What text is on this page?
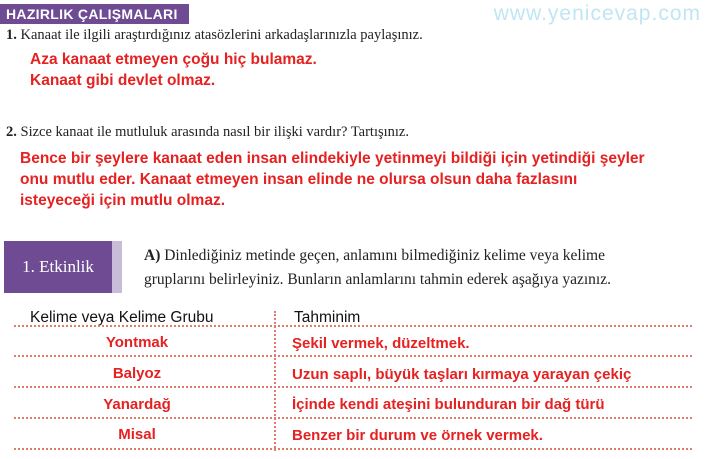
HAZIRLIK ÇALIŞMALARI	www.yenicevap.com
1. Kanaat ile ilgili araştırdığınız atasözlerini arkadaşlarınızla paylaşınız.
Aza kanaat etmeyen çoğu hiç bulamaz.
Kanaat gibi devlet olmaz.
2. Sizce kanaat ile mutluluk arasında nasıl bir ilişki vardır? Tartışınız.
Bence bir şeylere kanaat eden insan elindekiyle yetinmeyi bildiği için yetindiği şeyler
onu mutlu eder. Kanaat etmeyen insan elinde ne olursa olsun daha fazlasını
isteyeceği için mutlu olmaz.
1. Etkinlik
A) Dinlediğiniz metinde geçen, anlamını bilmediğiniz kelime veya kelime
gruplarını belirleyiniz. Bunların anlamlarını tahmin ederek aşağıya yazınız.
Kelime veya Kelime Grubu	Tahminim
Yontmak	Şekil vermek, düzeltmek.
Balyoz	Uzun saplı, büyük taşları kırmaya yarayan çekiç
Yanardağ	İçinde kendi ateşini bulunduran bir dağ türü
Misal	Benzer bir durum ve örnek vermek.
